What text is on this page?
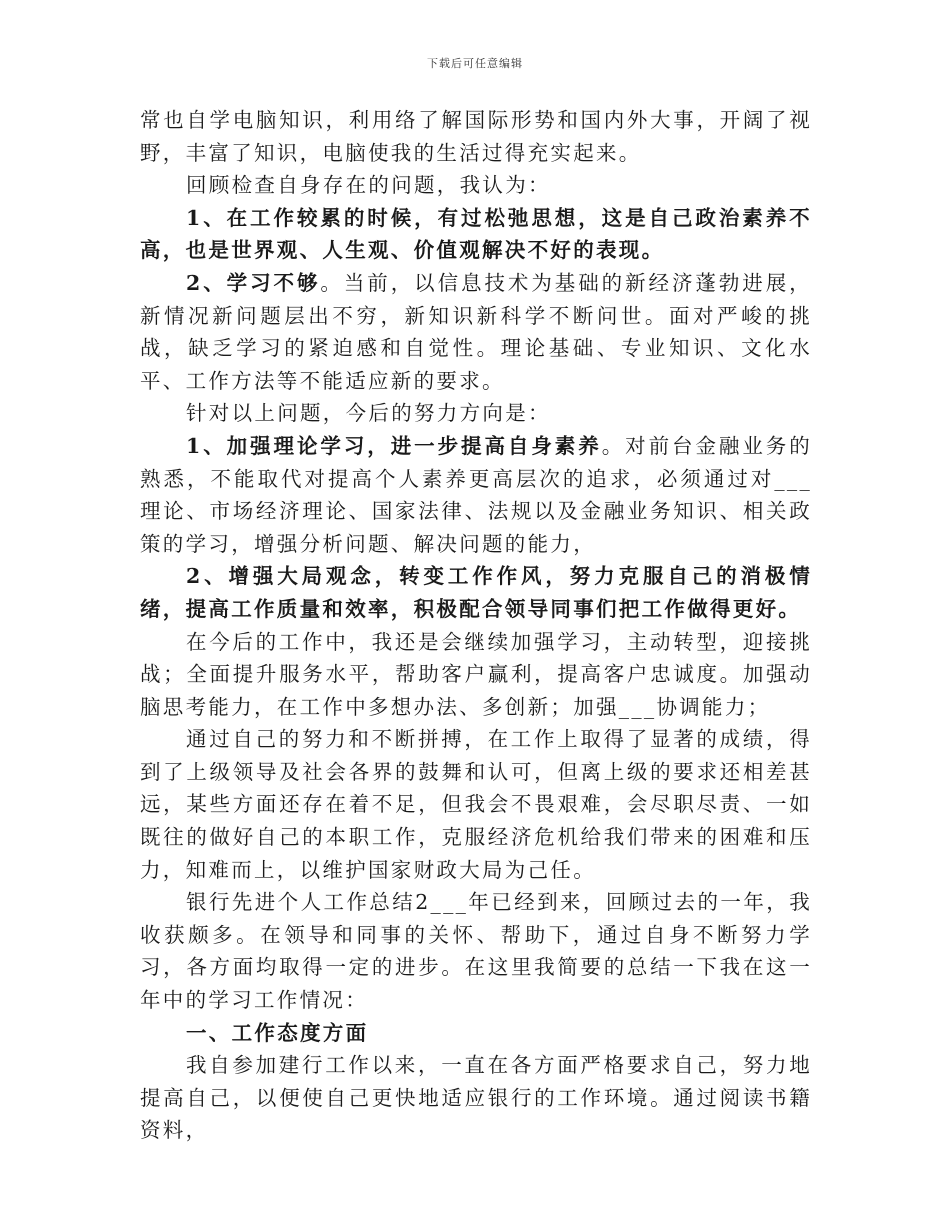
下载后可任意编辑

常也自学电脑知识，利用络了解国际形势和国内外大事，开阔了视野，丰富了知识，电脑使我的生活过得充实起来。

回顾检查自身存在的问题，我认为：

1、在工作较累的时候，有过松弛思想，这是自己政治素养不高，也是世界观、人生观、价值观解决不好的表现。

2、学习不够。当前，以信息技术为基础的新经济蓬勃进展，新情况新问题层出不穷，新知识新科学不断问世。面对严峻的挑战，缺乏学习的紧迫感和自觉性。理论基础、专业知识、文化水平、工作方法等不能适应新的要求。

针对以上问题，今后的努力方向是：

1、加强理论学习，进一步提高自身素养。对前台金融业务的熟悉，不能取代对提高个人素养更高层次的追求，必须通过对___理论、市场经济理论、国家法律、法规以及金融业务知识、相关政策的学习，增强分析问题、解决问题的能力，

2、增强大局观念，转变工作作风，努力克服自己的消极情绪，提高工作质量和效率，积极配合领导同事们把工作做得更好。

在今后的工作中，我还是会继续加强学习，主动转型，迎接挑战；全面提升服务水平，帮助客户赢利，提高客户忠诚度。加强动脑思考能力，在工作中多想办法、多创新；加强___协调能力；

通过自己的努力和不断拼搏，在工作上取得了显著的成绩，得到了上级领导及社会各界的鼓舞和认可，但离上级的要求还相差甚远，某些方面还存在着不足，但我会不畏艰难，会尽职尽责、一如既往的做好自己的本职工作，克服经济危机给我们带来的困难和压力，知难而上，以维护国家财政大局为己任。

银行先进个人工作总结2___年已经到来，回顾过去的一年，我收获颇多。在领导和同事的关怀、帮助下，通过自身不断努力学习，各方面均取得一定的进步。在这里我简要的总结一下我在这一年中的学习工作情况：

一、工作态度方面

我自参加建行工作以来，一直在各方面严格要求自己，努力地提高自己，以便使自己更快地适应银行的工作环境。通过阅读书籍资料，
